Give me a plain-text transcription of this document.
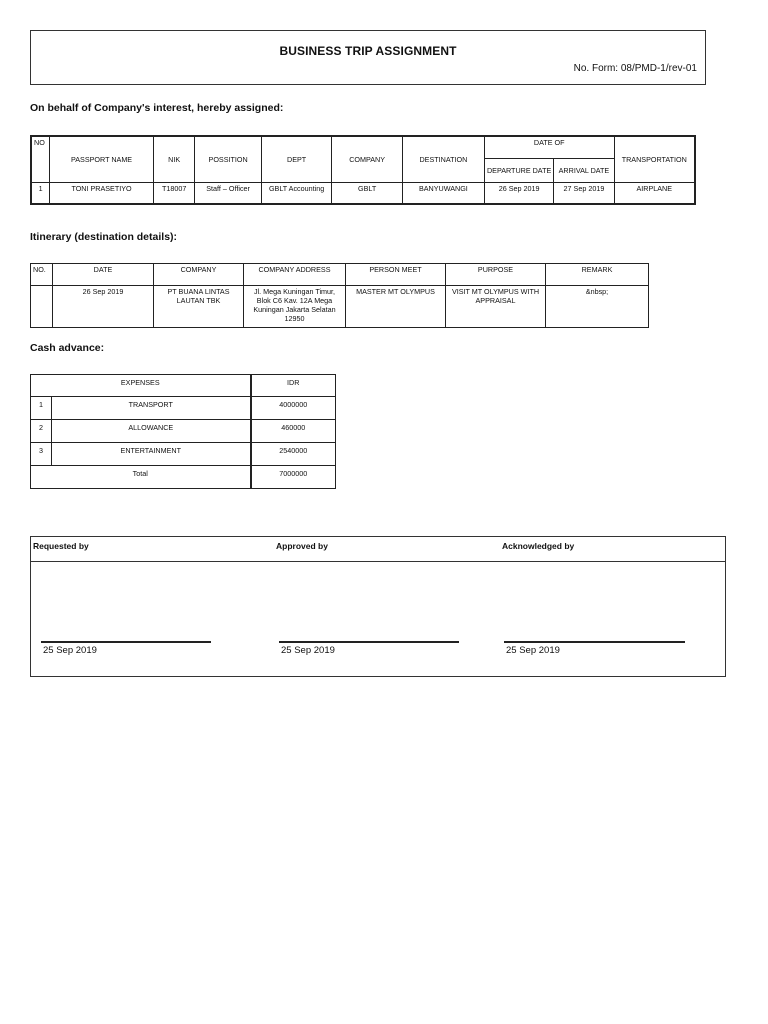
BUSINESS TRIP ASSIGNMENT
No. Form: 08/PMD-1/rev-01
On behalf of Company's interest, hereby assigned:
NO	PASSPORT NAME	NIK	POSSITION	DEPT	COMPANY	DESTINATION	DATE OF		TRANSPORTATION
							DEPARTURE DATE	ARRIVAL DATE	
1	TONI PRASETIYO	T18007	Staff – Officer	GBLT Accounting	GBLT	BANYUWANGI	26 Sep 2019	27 Sep 2019	AIRPLANE
Itinerary (destination details):
NO.	DATE	COMPANY	COMPANY ADDRESS	PERSON MEET	PURPOSE	REMARK
	26 Sep 2019	PT BUANA LINTAS LAUTAN TBK	Jl. Mega Kuningan Timur, Blok C6 Kav. 12A Mega Kuningan Jakarta Selatan 12950	MASTER MT OLYMPUS	VISIT MT OLYMPUS WITH APPRAISAL	&nbsp;
Cash advance:
EXPENSES		IDR
1	TRANSPORT	4000000
2	ALLOWANCE	460000
3	ENTERTAINMENT	2540000
Total		7000000
Requested by	Approved by	Acknowledged by
25 Sep 2019	25 Sep 2019	25 Sep 2019
